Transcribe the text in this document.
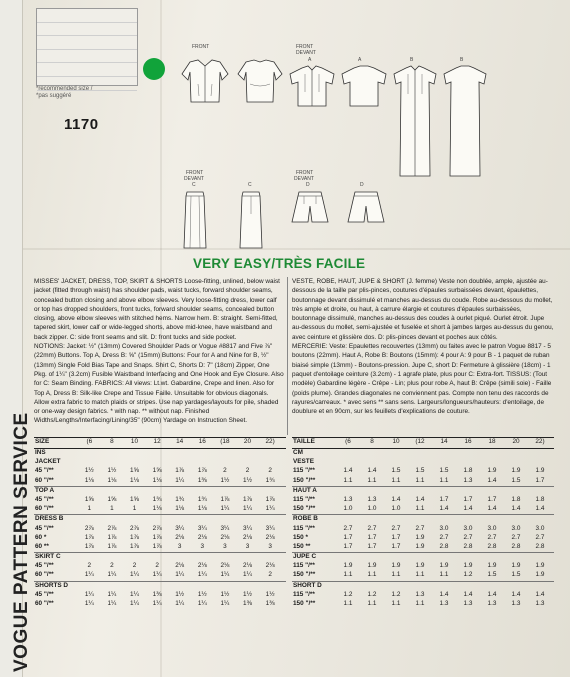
VOGUE PATTERN SERVICE
*recommended size / *pas suggéré
1170
FRONT	FRONT
DEVANT
A	A	B	B
FRONT
DEVANT
C	C
FRONT
DEVANT
D	D
VERY EASY/TRÈS FACILE
MISSES' JACKET, DRESS, TOP, SKIRT & SHORTS Loose-fitting, unlined, below waist jacket (fitted through waist) has shoulder pads, waist tucks, forward shoulder seams, concealed button closing and above elbow sleeves. Very loose-fitting dress, lower calf or top has dropped shoulders, front tucks, forward shoulder seams, concealed button closing, above elbow sleeves with stitched hems. Narrow hem. B: straight. Semi-fitted, tapered skirt, lower calf or wide-legged shorts, above mid-knee, have waistband and back zipper. C: side front seams and slit. D: front tucks and side pocket.
NOTIONS: Jacket: ½" (13mm) Covered Shoulder Pads or Vogue #8817 and Five ⅞" (22mm) Buttons. Top A, Dress B: ⅝" (15mm) Buttons: Four for A and Nine for B, ½" (13mm) Single Fold Bias Tape and Snaps. Shirt C, Shorts D: 7" (18cm) Zipper, One Pkg. of 1¼" (3.2cm) Fusible Waistband Interfacing and One Hook and Eye Closure. Also for C: Seam Binding. FABRICS: All views: Lt.wt. Gabardine, Crepe and linen. Also for Top A, Dress B: Silk-like Crepe and Tissue Faille. Unsuitable for obvious diagonals. Allow extra fabric to match plaids or stripes. Use nap yardages/layouts for pile, shaded or one-way design fabrics. * with nap. ** without nap. Finished Widths/Lengths/Interfacing/Lining/35" (90cm) Yardage on Instruction Sheet.
VESTE, ROBE, HAUT, JUPE & SHORT (J. femme) Veste non doublée, ample, ajustée au-dessous de la taille par plis-pinces, coutures d'épaules surbaissées devant, épaulettes, boutonnage devant dissimulé et manches au-dessus du coude. Robe au-dessous du mollet, très ample et droite, ou haut, à carrure élargie et coutures d'épaules surbaissées, boutonnage dissimulé, manches au-dessus des coudes à ourlet piqué. Ourlet étroit. Jupe au-dessous du mollet, semi-ajustée et fuselée et short à jambes larges au-dessus du genou, avec ceinture et glissière dos. D: plis-pinces devant et poches aux côtés.
MERCERIE: Veste: Epaulettes recouvertes (13mm) ou faites avec le patron Vogue 8817 - 5 boutons (22mm). Haut A, Robe B: Boutons (15mm): 4 pour A: 9 pour B - 1 paquet de ruban biaisé simple (13mm) - Boutons-pression. Jupe C, short D: Fermeture à glissière (18cm) - 1 paquet d'entoilage ceinture (3.2cm) - 1 agrafe plate, plus pour C: Extra-fort. TISSUS: (Tout modèle) Gabardine légère - Crêpe - Lin; plus pour robe A, haut B: Crêpe (simili soie) - Faille (poids plume). Grandes diagonales ne conviennent pas. Compte non tenu des raccords de rayures/carreaux. * avec sens ** sans sens. Largeurs/longueurs/hauteurs: d'entoilage, de doublure et en 90cm, sur les feuillets d'explications de couture.
SIZE	(6	8	10	12	14	16	(18	20	22)
INS
JACKET
45 "/**	1½	1½	1⅝	1⅝	1⅞	1⅞	2	2	2
60 "/**	1⅛	1⅛	1⅛	1⅛	1¼	1⅜	1½	1½	1¾
TOP A
45 "/**	1⅝	1⅝	1⅝	1¾	1¾	1¾	1⅞	1⅞	1⅞
60 "/**	1	1	1	1⅛	1⅛	1⅛	1¼	1¼	1¼
DRESS B
45 "/**	2⅞	2⅞	2⅞	2⅞	3¼	3¼	3¼	3¼	3¼
60 *	1⅞	1⅞	1⅞	1⅞	2⅛	2⅛	2⅛	2⅛	2⅛
60 **	1⅞	1⅞	1⅞	1⅞	3	3	3	3	3
SKIRT C
45 "/**	2	2	2	2	2⅛	2⅛	2⅛	2⅛	2⅛
60 "/**	1¼	1¼	1¼	1¼	1¼	1¼	1¼	1¼	2
SHORTS D
45 "/**	1¼	1¼	1¼	1⅜	1½	1½	1½	1½	1½
60 "/**	1¼	1¼	1¼	1¼	1¼	1¼	1¼	1⅜	1⅜
TAILLE	(6	8	10	(12	14	16	18	20	22)
CM
VESTE
115 "/**	1.4	1.4	1.5	1.5	1.5	1.8	1.9	1.9	1.9
150 "/**	1.1	1.1	1.1	1.1	1.1	1.3	1.4	1.5	1.7
HAUT A
115 "/**	1.3	1.3	1.4	1.4	1.7	1.7	1.7	1.8	1.8
150 "/**	1.0	1.0	1.0	1.1	1.4	1.4	1.4	1.4	1.4
ROBE B
115 "/**	2.7	2.7	2.7	2.7	3.0	3.0	3.0	3.0	3.0
150 *	1.7	1.7	1.7	1.9	2.7	2.7	2.7	2.7	2.7
150 **	1.7	1.7	1.7	1.9	2.8	2.8	2.8	2.8	2.8
JUPE C
115 "/**	1.9	1.9	1.9	1.9	1.9	1.9	1.9	1.9	1.9
150 "/**	1.1	1.1	1.1	1.1	1.1	1.2	1.5	1.5	1.9
SHORT D
115 "/**	1.2	1.2	1.2	1.3	1.4	1.4	1.4	1.4	1.4
150 "/**	1.1	1.1	1.1	1.1	1.3	1.3	1.3	1.3	1.3
